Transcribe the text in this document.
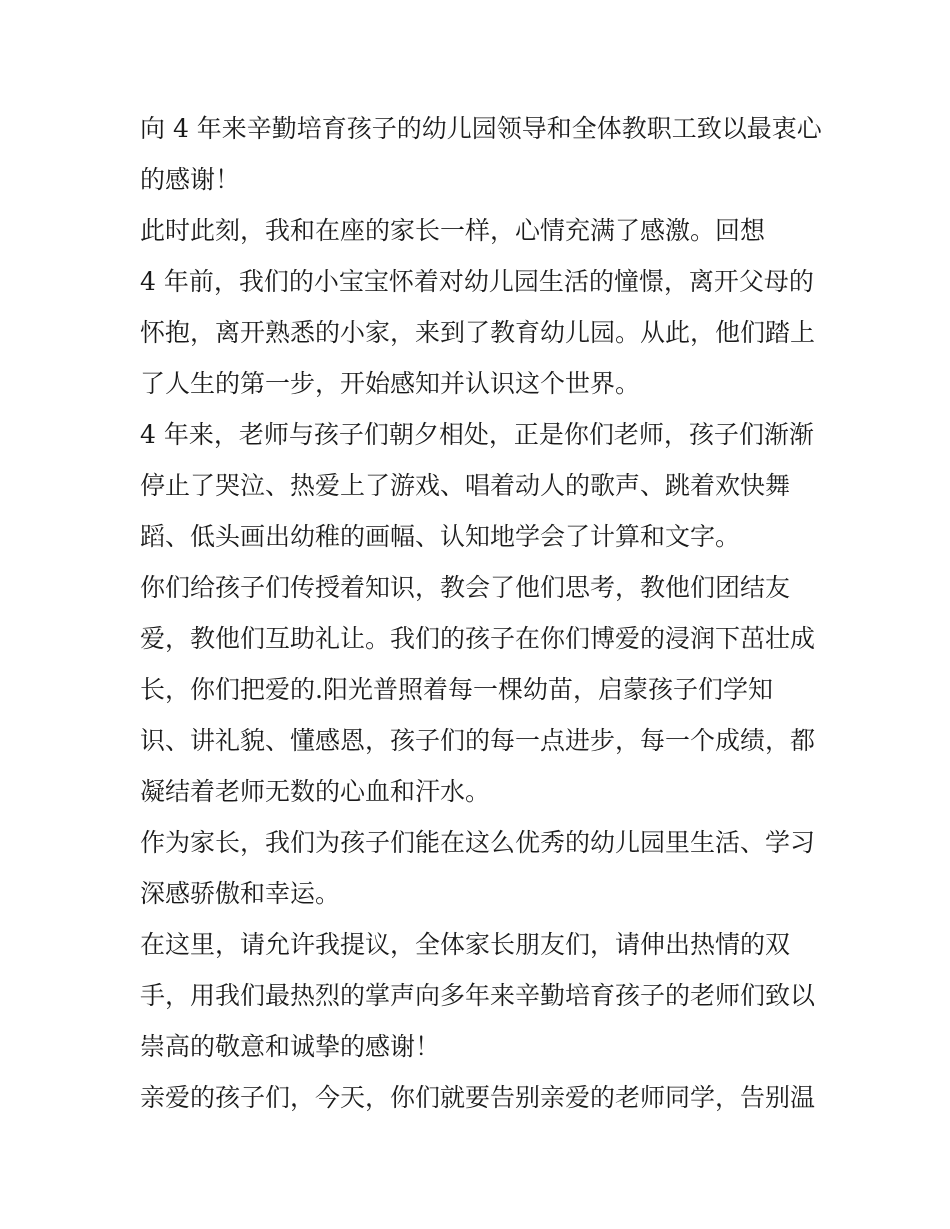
向 4 年来辛勤培育孩子的幼儿园领导和全体教职工致以最衷心
的感谢！
此时此刻，我和在座的家长一样，心情充满了感激。回想
4 年前，我们的小宝宝怀着对幼儿园生活的憧憬，离开父母的
怀抱，离开熟悉的小家，来到了教育幼儿园。从此，他们踏上
了人生的第一步，开始感知并认识这个世界。
4 年来，老师与孩子们朝夕相处，正是你们老师，孩子们渐渐
停止了哭泣、热爱上了游戏、唱着动人的歌声、跳着欢快舞
蹈、低头画出幼稚的画幅、认知地学会了计算和文字。
你们给孩子们传授着知识，教会了他们思考，教他们团结友
爱，教他们互助礼让。我们的孩子在你们博爱的浸润下茁壮成
长，你们把爱的.阳光普照着每一棵幼苗，启蒙孩子们学知
识、讲礼貌、懂感恩，孩子们的每一点进步，每一个成绩，都
凝结着老师无数的心血和汗水。
作为家长，我们为孩子们能在这么优秀的幼儿园里生活、学习
深感骄傲和幸运。
在这里，请允许我提议，全体家长朋友们，请伸出热情的双
手，用我们最热烈的掌声向多年来辛勤培育孩子的老师们致以
崇高的敬意和诚挚的感谢！
亲爱的孩子们，今天，你们就要告别亲爱的老师同学，告别温
